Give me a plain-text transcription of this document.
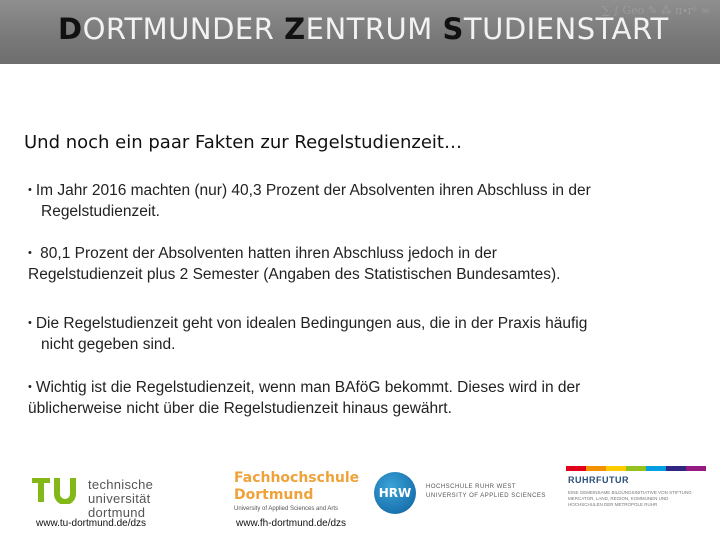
∑ ∫ Geo ✎ ⁂ π∙r² ∞
DORTMUNDER ZENTRUM STUDIENSTART
Und noch ein paar Fakten zur Regelstudienzeit…
• Im Jahr 2016 machten (nur) 40,3 Prozent der Absolventen ihren Abschluss in der
Regelstudienzeit.
• 80,1 Prozent der Absolventen hatten ihren Abschluss jedoch in der
Regelstudienzeit plus 2 Semester (Angaben des Statistischen Bundesamtes).
• Die Regelstudienzeit geht von idealen Bedingungen aus, die in der Praxis häufig
nicht gegeben sind.
• Wichtig ist die Regelstudienzeit, wenn man BAföG bekommt. Dieses wird in der
üblicherweise nicht über die Regelstudienzeit hinaus gewährt.
technische universität
dortmund
Fachhochschule
Dortmund
University of Applied Sciences and Arts
HRW	HOCHSCHULE RUHR WEST
UNIVERSITY OF APPLIED SCIENCES
RUHRFUTUR
EINE GEMEINSAME BILDUNGSINITIATIVE VON STIFTUNG MERCATOR, LAND, REGION, KOMMUNEN UND HOCHSCHULEN DER METROPOLE RUHR
www.tu-dortmund.de/dzs	www.fh-dortmund.de/dzs
